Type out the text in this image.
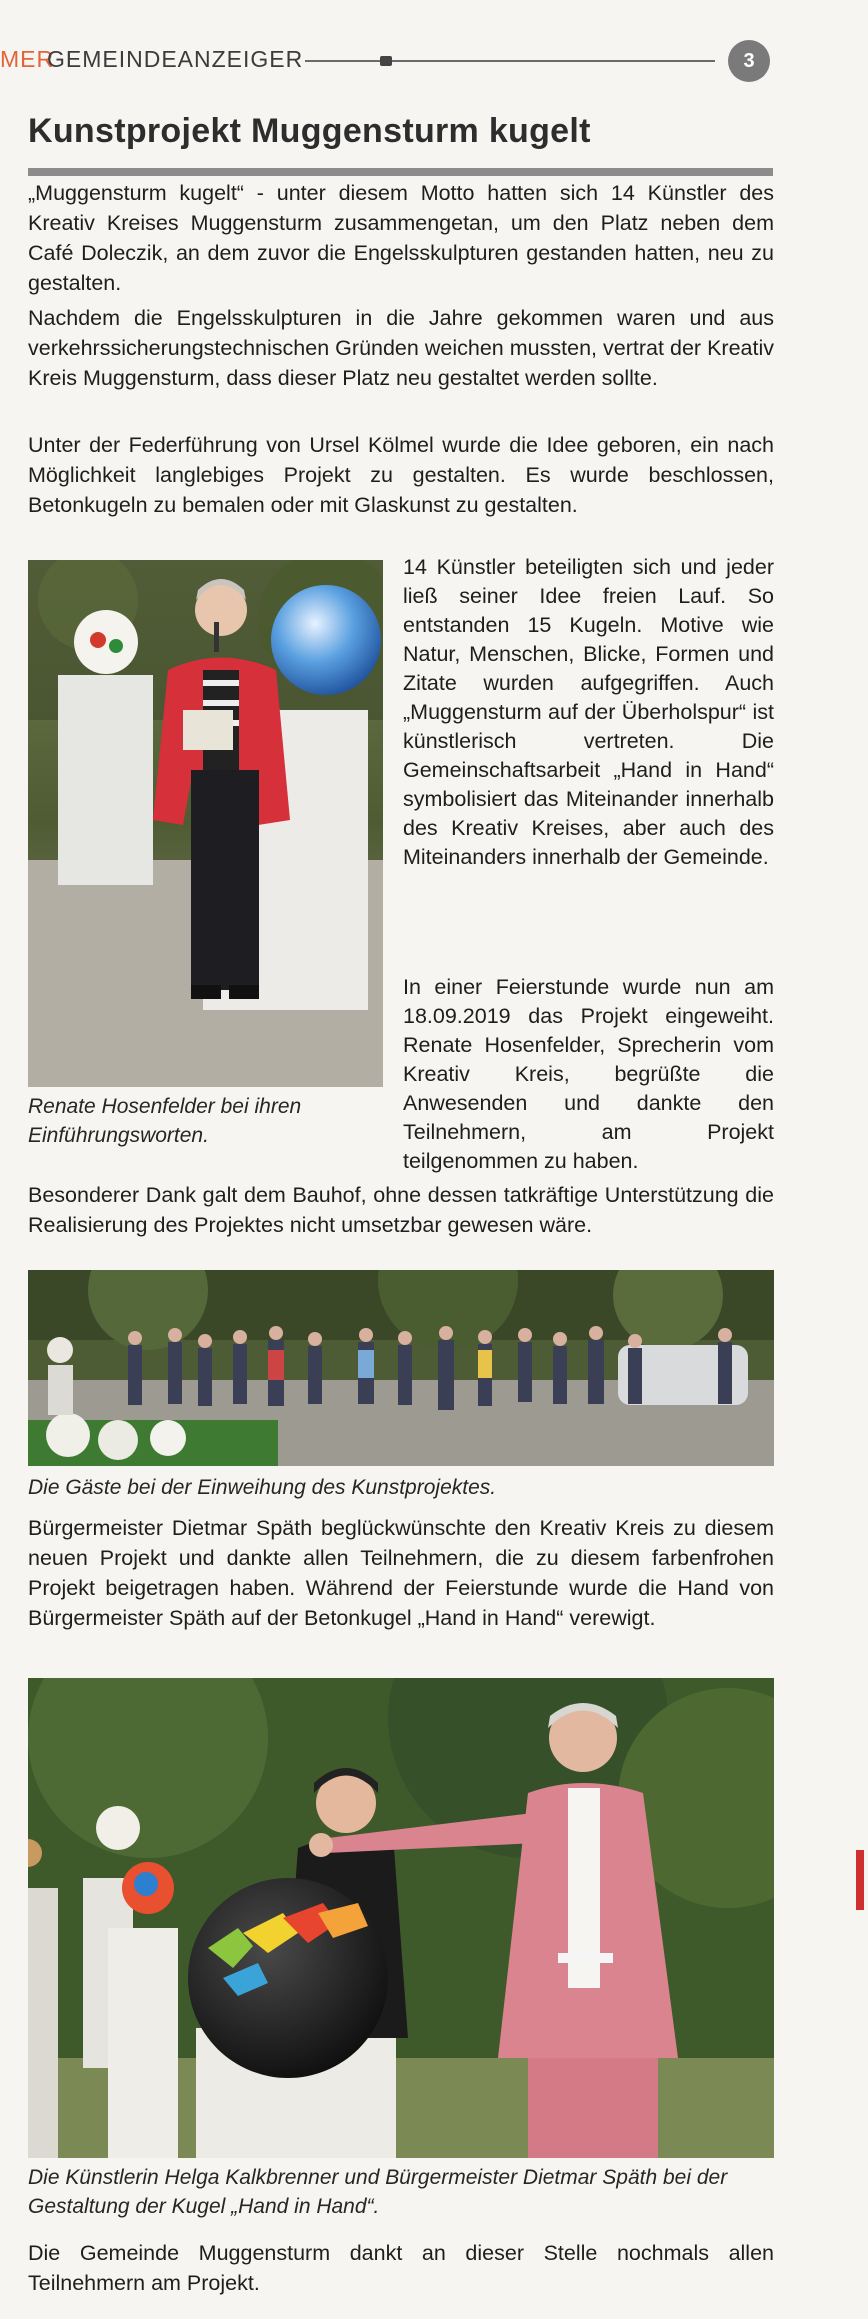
MER
GEMEINDEANZEIGER	3
Kunstprojekt Muggensturm kugelt
„Muggensturm kugelt“ - unter diesem Motto hatten sich 14 Künstler des Kreativ Kreises Muggensturm zusammengetan, um den Platz neben dem Café Doleczik, an dem zuvor die Engelsskulpturen gestanden hatten, neu zu gestalten.
Nachdem die Engelsskulpturen in die Jahre gekommen waren und aus verkehrssicherungstechnischen Gründen weichen mussten, vertrat der Kreativ Kreis Muggensturm, dass dieser Platz neu gestaltet werden sollte.
Unter der Federführung von Ursel Kölmel wurde die Idee geboren, ein nach Möglichkeit langlebiges Projekt zu gestalten. Es wurde beschlossen, Betonkugeln zu bemalen oder mit Glaskunst zu gestalten.
Renate Hosenfelder bei ihren Einführungsworten.
14 Künstler beteiligten sich und jeder ließ seiner Idee freien Lauf. So entstanden 15 Kugeln. Motive wie Natur, Menschen, Blicke, Formen und Zitate wurden aufgegriffen. Auch „Muggensturm auf der Überholspur“ ist künstlerisch vertreten. Die Gemeinschaftsarbeit „Hand in Hand“ symbolisiert das Miteinander innerhalb des Kreativ Kreises, aber auch des Miteinanders innerhalb der Gemeinde.
In einer Feierstunde wurde nun am 18.09.2019 das Projekt eingeweiht. Renate Hosenfelder, Sprecherin vom Kreativ Kreis, begrüßte die Anwesenden und dankte den Teilnehmern, am Projekt teilgenommen zu haben.
Besonderer Dank galt dem Bauhof, ohne dessen tatkräftige Unterstützung die Realisierung des Projektes nicht umsetzbar gewesen wäre.
Die Gäste bei der Einweihung des Kunstprojektes.
Bürgermeister Dietmar Späth beglückwünschte den Kreativ Kreis zu diesem neuen Projekt und dankte allen Teilnehmern, die zu diesem farbenfrohen Projekt beigetragen haben. Während der Feierstunde wurde die Hand von Bürgermeister Späth auf der Betonkugel „Hand in Hand“ verewigt.
Die Künstlerin Helga Kalkbrenner und Bürgermeister Dietmar Späth bei der Gestaltung der Kugel „Hand in Hand“.
Die Gemeinde Muggensturm dankt an dieser Stelle nochmals allen Teilnehmern am Projekt.
